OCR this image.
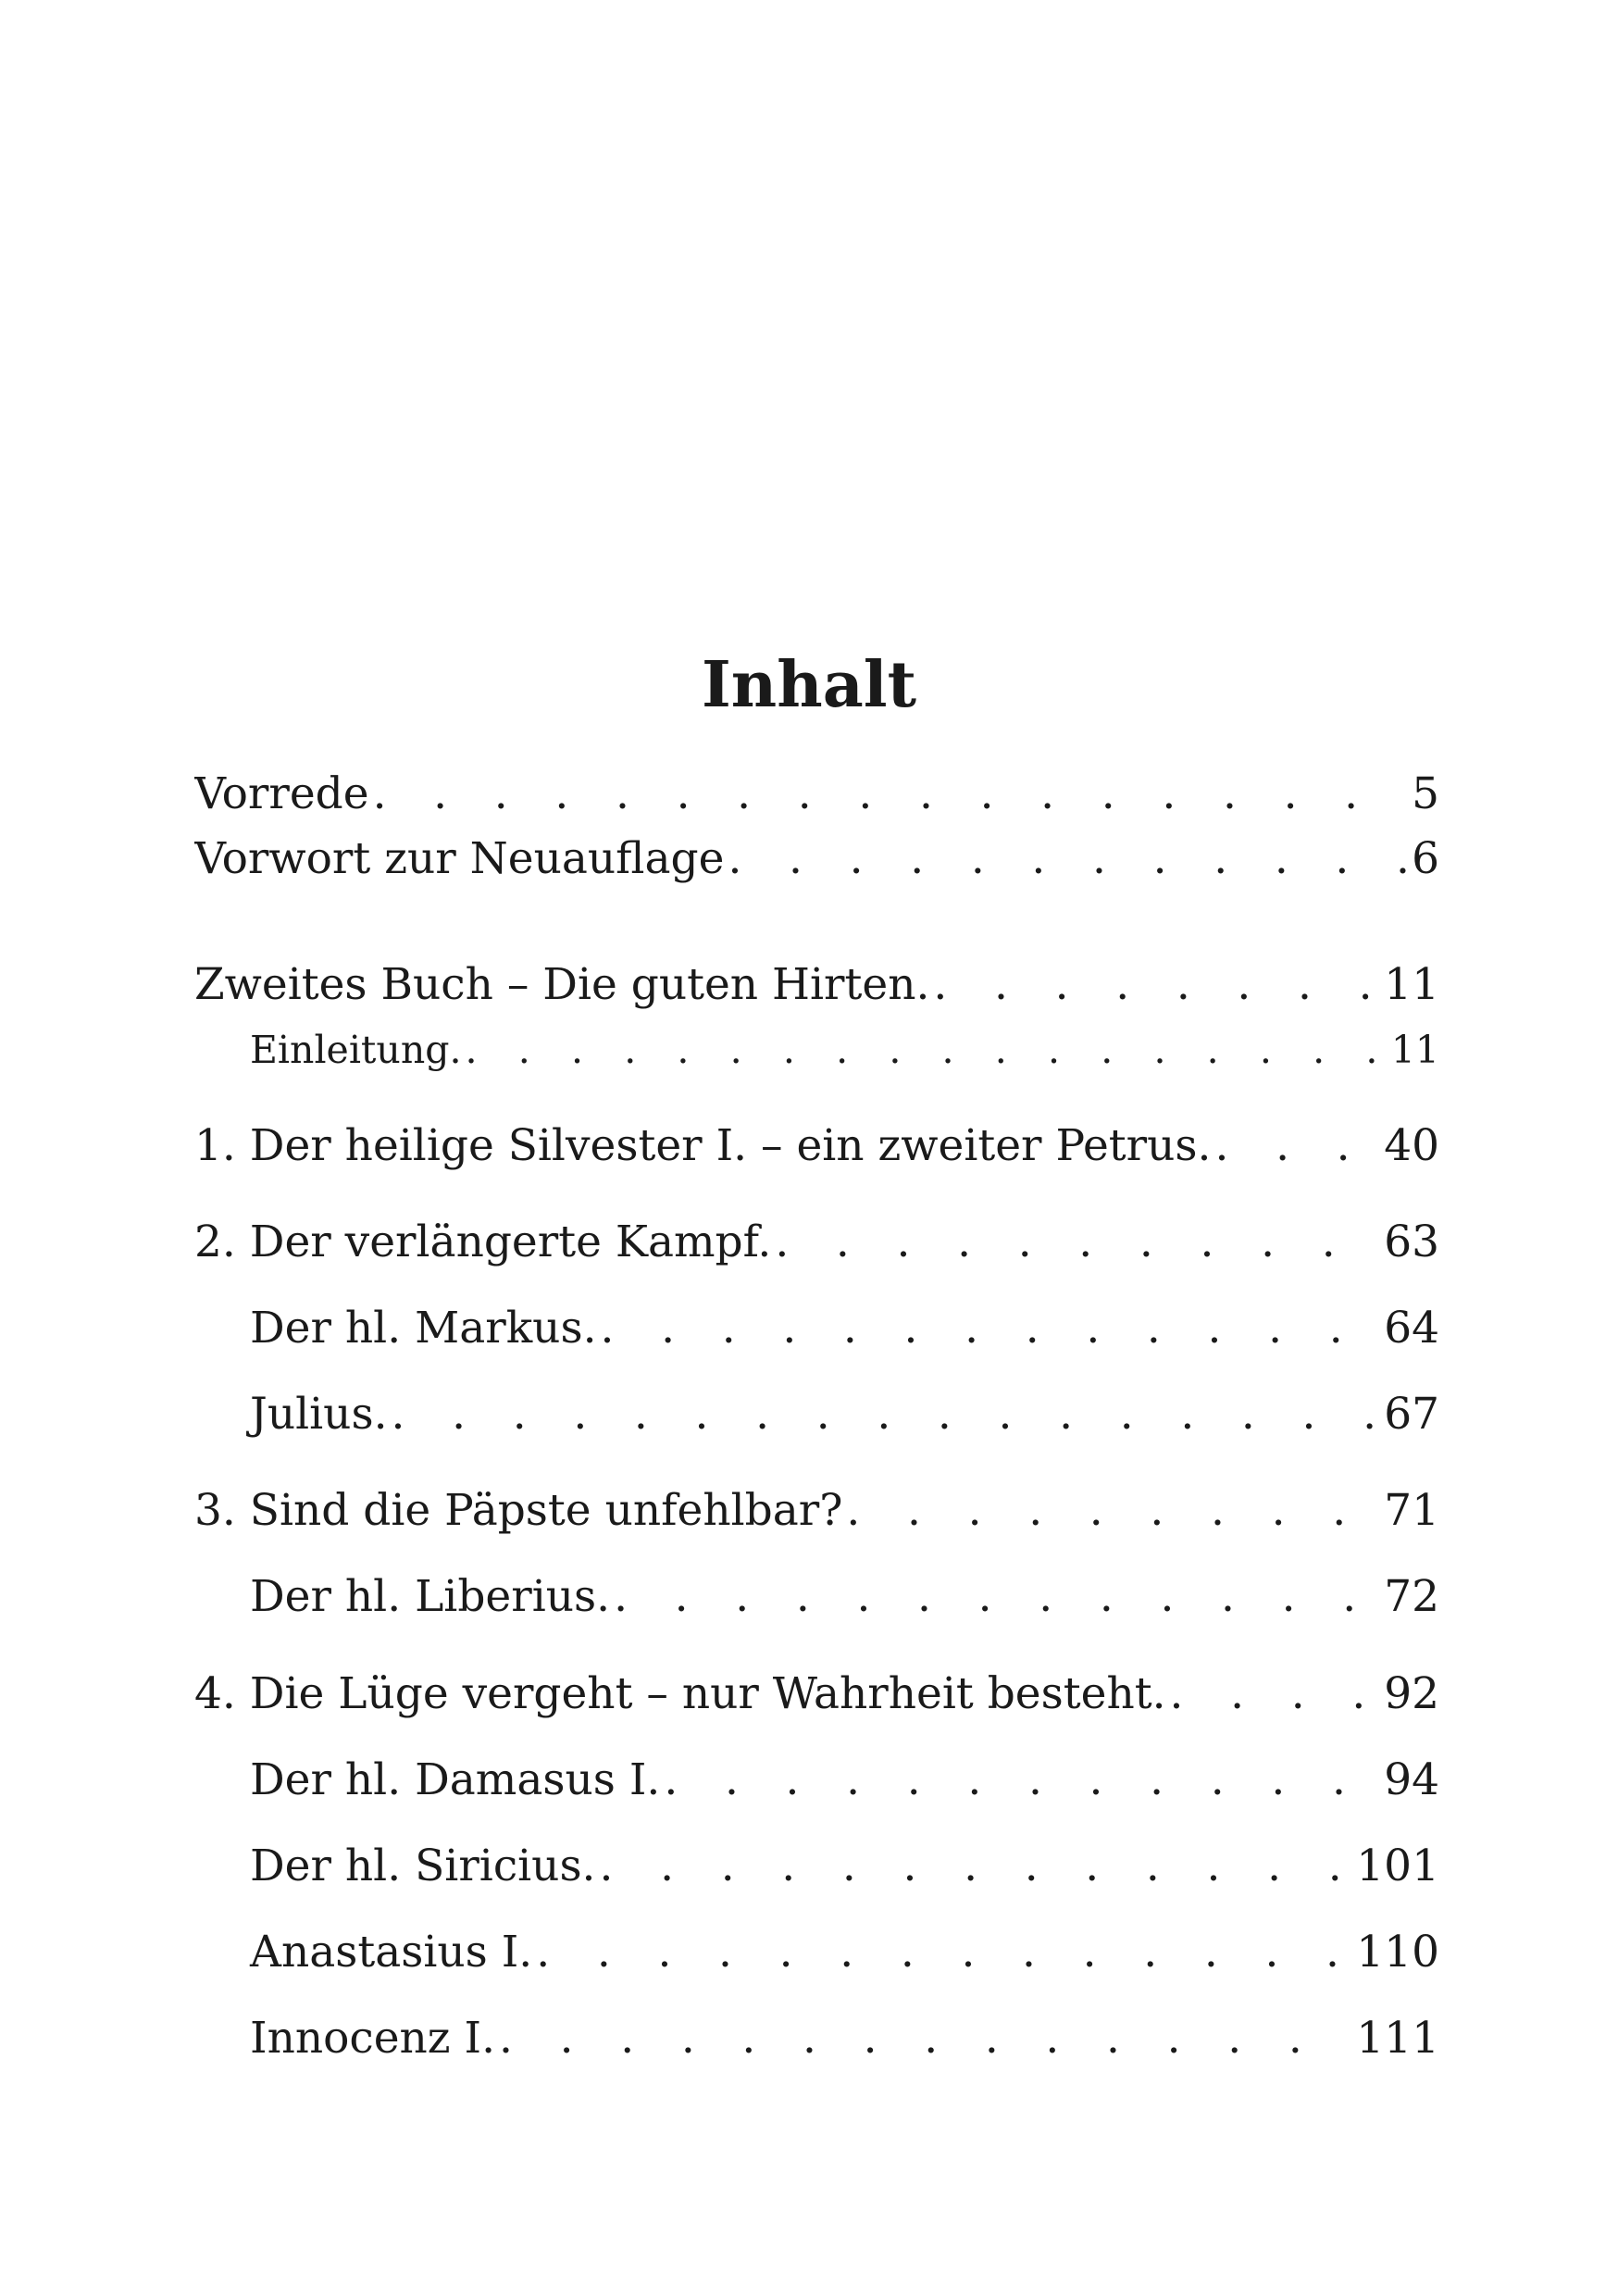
Inhalt
Vorrede . . .	5
Vorwort zur Neuauflage . . .	6
Zweites Buch – Die guten Hirten. . . .	11
Einleitung. . . .	11
1. Der heilige Silvester I. – ein zweiter Petrus. . . .	40
2. Der verlängerte Kampf. . . .	63
Der hl. Markus. . . .	64
Julius. . . .	67
3. Sind die Päpste unfehlbar? . . .	71
Der hl. Liberius. . . .	72
4. Die Lüge vergeht – nur Wahrheit besteht. . . .	92
Der hl. Damasus I. . . .	94
Der hl. Siricius. . . .	101
Anastasius I. . . .	110
Innocenz I. . . .	111
